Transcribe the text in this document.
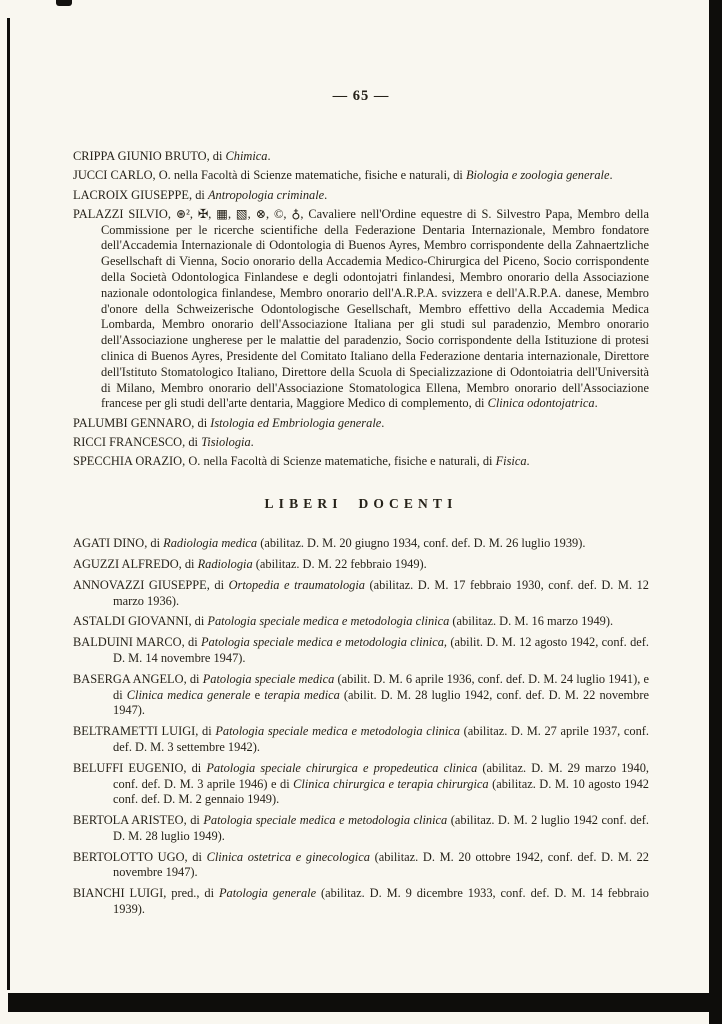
— 65 —

CRIPPA GIUNIO BRUTO, di Chimica.

JUCCI CARLO, O. nella Facoltà di Scienze matematiche, fisiche e naturali, di Biologia e zoologia generale.

LACROIX GIUSEPPE, di Antropologia criminale.

PALAZZI SILVIO, ⊛², ✠, ▦, ▧, ⊗, ©, ♁, Cavaliere nell'Ordine equestre di S. Silvestro Papa, Membro della Commissione per le ricerche scientifiche della Federazione Dentaria Internazionale, Membro fondatore dell'Accademia Internazionale di Odontologia di Buenos Ayres, Membro corrispondente della Zahnaertzliche Gesellschaft di Vienna, Socio onorario della Accademia Medico-Chirurgica del Piceno, Socio corrispondente della Società Odontologica Finlandese e degli odontojatri finlandesi, Membro onorario della Associazione nazionale odontologica finlandese, Membro onorario dell'A.R.P.A. svizzera e dell'A.R.P.A. danese, Membro d'onore della Schweizerische Odontologische Gesellschaft, Membro effettivo della Accademia Medica Lombarda, Membro onorario dell'Associazione Italiana per gli studi sul paradenzio, Membro onorario dell'Associazione ungherese per le malattie del paradenzio, Socio corrispondente della Istituzione di protesi clinica di Buenos Ayres, Presidente del Comitato Italiano della Federazione dentaria internazionale, Direttore dell'Istituto Stomatologico Italiano, Direttore della Scuola di Specializzazione di Odontoiatria dell'Università di Milano, Membro onorario dell'Associazione Stomatologica Ellena, Membro onorario dell'Associazione francese per gli studi dell'arte dentaria, Maggiore Medico di complemento, di Clinica odontojatrica.

PALUMBI GENNARO, di Istologia ed Embriologia generale.

RICCI FRANCESCO, di Tisiologia.

SPECCHIA ORAZIO, O. nella Facoltà di Scienze matematiche, fisiche e naturali, di Fisica.

LIBERI DOCENTI

AGATI DINO, di Radiologia medica (abilitaz. D. M. 20 giugno 1934, conf. def. D. M. 26 luglio 1939).

AGUZZI ALFREDO, di Radiologia (abilitaz. D. M. 22 febbraio 1949).

ANNOVAZZI GIUSEPPE, di Ortopedia e traumatologia (abilitaz. D. M. 17 febbraio 1930, conf. def. D. M. 12 marzo 1936).

ASTALDI GIOVANNI, di Patologia speciale medica e metodologia clinica (abilitaz. D. M. 16 marzo 1949).

BALDUINI MARCO, di Patologia speciale medica e metodologia clinica, (abilit. D. M. 12 agosto 1942, conf. def. D. M. 14 novembre 1947).

BASERGA ANGELO, di Patologia speciale medica (abilit. D. M. 6 aprile 1936, conf. def. D. M. 24 luglio 1941), e di Clinica medica generale e terapia medica (abilit. D. M. 28 luglio 1942, conf. def. D. M. 22 novembre 1947).

BELTRAMETTI LUIGI, di Patologia speciale medica e metodologia clinica (abilitaz. D. M. 27 aprile 1937, conf. def. D. M. 3 settembre 1942).

BELUFFI EUGENIO, di Patologia speciale chirurgica e propedeutica clinica (abilitaz. D. M. 29 marzo 1940, conf. def. D. M. 3 aprile 1946) e di Clinica chirurgica e terapia chirurgica (abilitaz. D. M. 10 agosto 1942 conf. def. D. M. 2 gennaio 1949).

BERTOLA ARISTEO, di Patologia speciale medica e metodologia clinica (abilitaz. D. M. 2 luglio 1942 conf. def. D. M. 28 luglio 1949).

BERTOLOTTO UGO, di Clinica ostetrica e ginecologica (abilitaz. D. M. 20 ottobre 1942, conf. def. D. M. 22 novembre 1947).

BIANCHI LUIGI, pred., di Patologia generale (abilitaz. D. M. 9 dicembre 1933, conf. def. D. M. 14 febbraio 1939).
